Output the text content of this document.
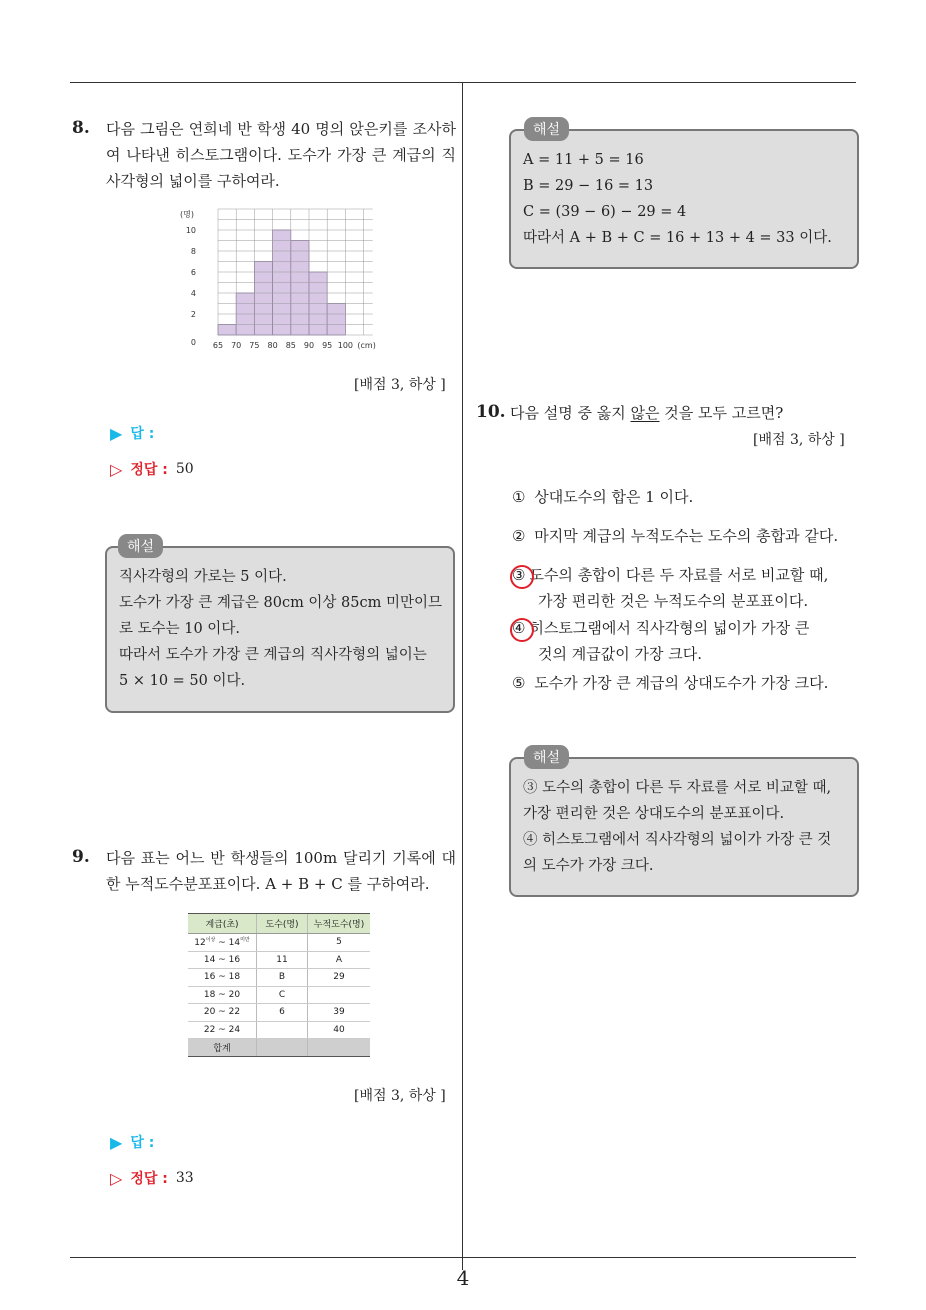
4
8. 다음 그림은 연희네 반 학생 40 명의 앉은키를 조사하여 나타낸 히스토그램이다. 도수가 가장 큰 계급의 직사각형의 넓이를 구하여라.
0
2
4
6
8
10
(명)
65 70 75 80 85 90 95 100 (cm)
[배점 3, 하상 ]
▶ 답 :
▷ 정답 : 50
직사각형의 가로는 5 이다.
도수가 가장 큰 계급은 80cm 이상 85cm 미만이므
로 도수는 10 이다.
따라서 도수가 가장 큰 계급의 직사각형의 넓이는
5 × 10 = 50 이다.
해설
9. 다음 표는 어느 반 학생들의 100m 달리기 기록에 대한 누적도수분포표이다. A + B + C 를 구하여라.
계급(초)	도수(명)	누적도수(명)
$12^{이상}$ ~ $14^{미만}$		5
14 ~ 16	11	A
16 ~ 18	B	29
18 ~ 20	C	
20 ~ 22	6	39
22 ~ 24		40
합계		
[배점 3, 하상 ]
▶ 답 :
▷ 정답 : 33
A = 11 + 5 = 16
B = 29 − 16 = 13
C = (39 − 6) − 29 = 4
따라서 A + B + C = 16 + 13 + 4 = 33 이다.
해설
10. 다음 설명 중 옳지 않은 것을 모두 고르면?
[배점 3, 하상 ]
① 상대도수의 합은 1 이다.
② 마지막 계급의 누적도수는 도수의 총합과 같다.
③ 도수의 총합이 다른 두 자료를 서로 비교할 때,
가장 편리한 것은 누적도수의 분포표이다.
④ 히스토그램에서 직사각형의 넓이가 가장 큰
것의 계급값이 가장 크다.
⑤ 도수가 가장 큰 계급의 상대도수가 가장 크다.
③ 도수의 총합이 다른 두 자료를 서로 비교할 때,
가장 편리한 것은 상대도수의 분포표이다.
④ 히스토그램에서 직사각형의 넓이가 가장 큰 것
의 도수가 가장 크다.
해설
